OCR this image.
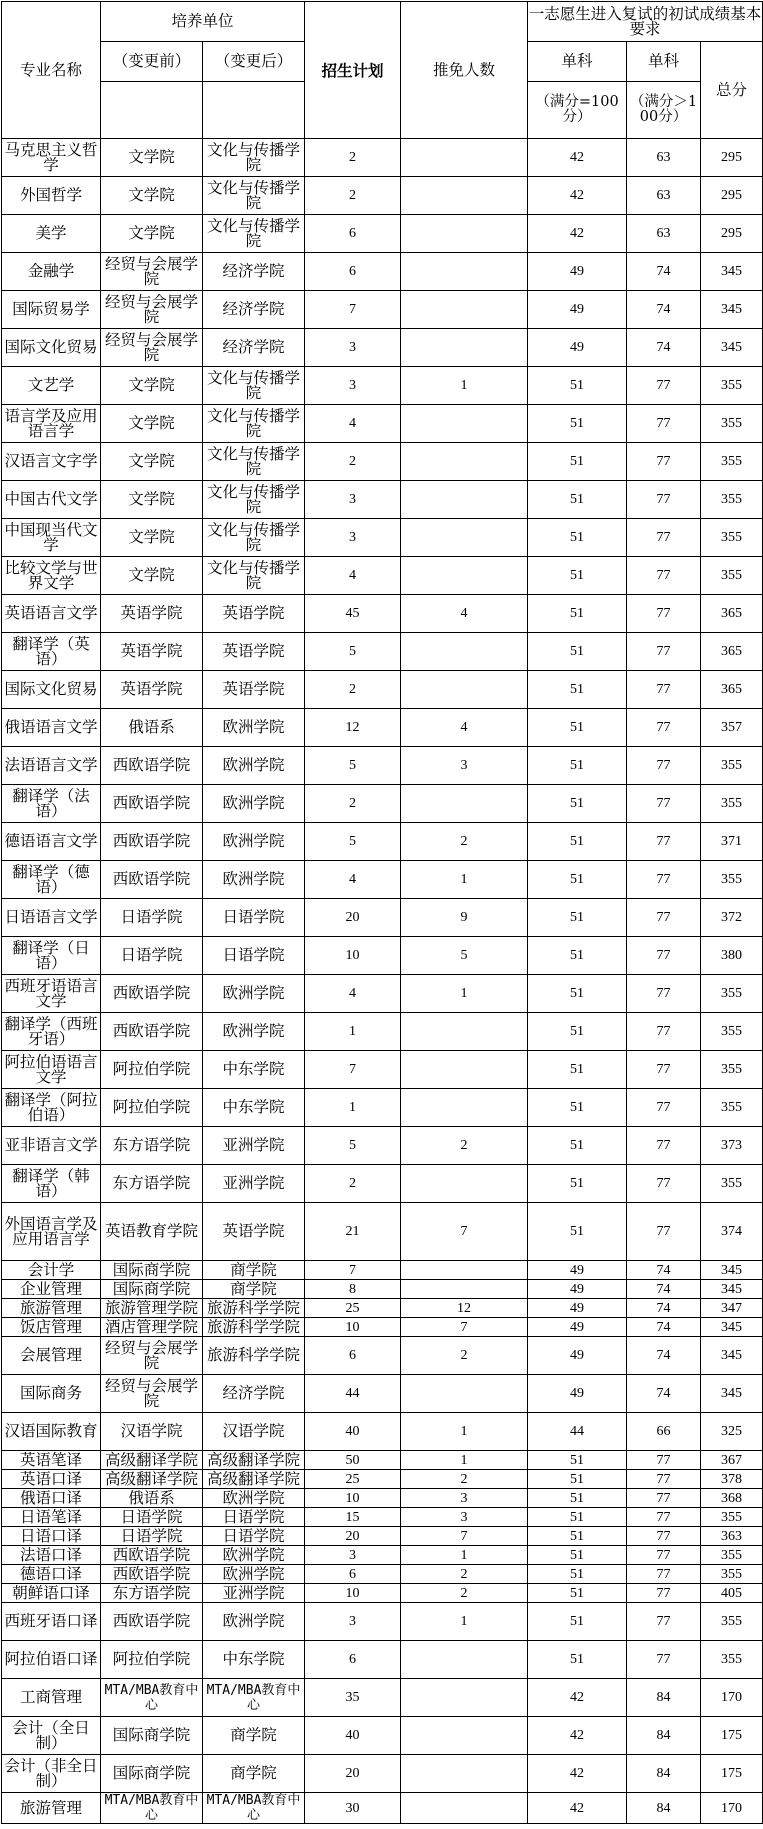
专业名称	培养单位		招生计划	推免人数	一志愿生进入复试的初试成绩基本要求		
	（变更前）	（变更后）			单科	单科	总分
					（满分=100分）	（满分＞100分）	
马克思主义哲学	文学院	文化与传播学院	2		42	63	295
外国哲学	文学院	文化与传播学院	2		42	63	295
美学	文学院	文化与传播学院	6		42	63	295
金融学	经贸与会展学院	经济学院	6		49	74	345
国际贸易学	经贸与会展学院	经济学院	7		49	74	345
国际文化贸易	经贸与会展学院	经济学院	3		49	74	345
文艺学	文学院	文化与传播学院	3	1	51	77	355
语言学及应用语言学	文学院	文化与传播学院	4		51	77	355
汉语言文字学	文学院	文化与传播学院	2		51	77	355
中国古代文学	文学院	文化与传播学院	3		51	77	355
中国现当代文学	文学院	文化与传播学院	3		51	77	355
比较文学与世界文学	文学院	文化与传播学院	4		51	77	355
英语语言文学	英语学院	英语学院	45	4	51	77	365
翻译学（英语）	英语学院	英语学院	5		51	77	365
国际文化贸易	英语学院	英语学院	2		51	77	365
俄语语言文学	俄语系	欧洲学院	12	4	51	77	357
法语语言文学	西欧语学院	欧洲学院	5	3	51	77	355
翻译学（法语）	西欧语学院	欧洲学院	2		51	77	355
德语语言文学	西欧语学院	欧洲学院	5	2	51	77	371
翻译学（德语）	西欧语学院	欧洲学院	4	1	51	77	355
日语语言文学	日语学院	日语学院	20	9	51	77	372
翻译学（日语）	日语学院	日语学院	10	5	51	77	380
西班牙语语言文学	西欧语学院	欧洲学院	4	1	51	77	355
翻译学（西班牙语）	西欧语学院	欧洲学院	1		51	77	355
阿拉伯语语言文学	阿拉伯学院	中东学院	7		51	77	355
翻译学（阿拉伯语）	阿拉伯学院	中东学院	1		51	77	355
亚非语言文学	东方语学院	亚洲学院	5	2	51	77	373
翻译学（韩语）	东方语学院	亚洲学院	2		51	77	355
外国语言学及应用语言学	英语教育学院	英语学院	21	7	51	77	374
会计学	国际商学院	商学院	7		49	74	345
企业管理	国际商学院	商学院	8		49	74	345
旅游管理	旅游管理学院	旅游科学学院	25	12	49	74	347
饭店管理	酒店管理学院	旅游科学学院	10	7	49	74	345
会展管理	经贸与会展学院	旅游科学学院	6	2	49	74	345
国际商务	经贸与会展学院	经济学院	44		49	74	345
汉语国际教育	汉语学院	汉语学院	40	1	44	66	325
英语笔译	高级翻译学院	高级翻译学院	50	1	51	77	367
英语口译	高级翻译学院	高级翻译学院	25	2	51	77	378
俄语口译	俄语系	欧洲学院	10	3	51	77	368
日语笔译	日语学院	日语学院	15	3	51	77	355
日语口译	日语学院	日语学院	20	7	51	77	363
法语口译	西欧语学院	欧洲学院	3	1	51	77	355
德语口译	西欧语学院	欧洲学院	6	2	51	77	355
朝鲜语口译	东方语学院	亚洲学院	10	2	51	77	405
西班牙语口译	西欧语学院	欧洲学院	3	1	51	77	355
阿拉伯语口译	阿拉伯学院	中东学院	6		51	77	355
工商管理	MTA/MBA教育中心	MTA/MBA教育中心	35		42	84	170
会计（全日制）	国际商学院	商学院	40		42	84	175
会计（非全日制）	国际商学院	商学院	20		42	84	175
旅游管理	MTA/MBA教育中心	MTA/MBA教育中心	30		42	84	170
